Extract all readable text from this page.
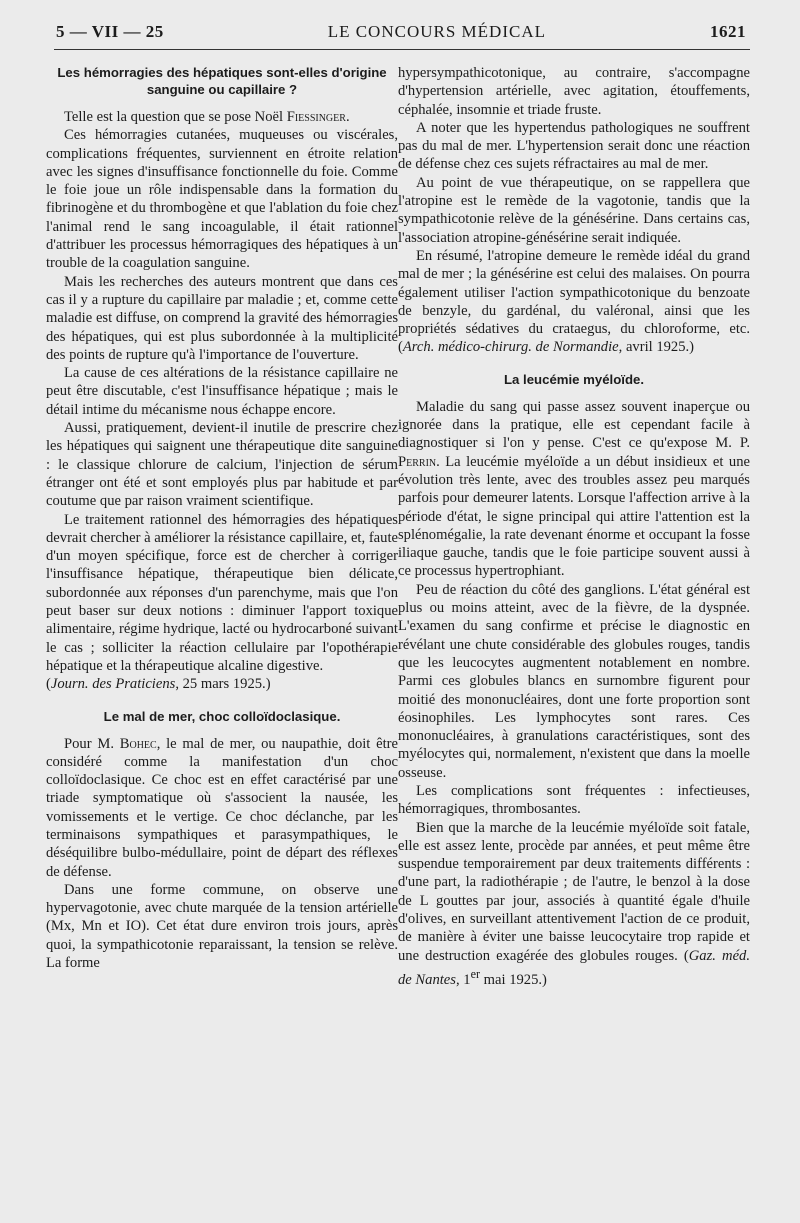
5 — VII — 25	LE CONCOURS MÉDICAL	1621
Les hémorragies des hépatiques sont-elles d'origine sanguine ou capillaire ?

Telle est la question que se pose Noël Fiessinger.

Ces hémorragies cutanées, muqueuses ou viscérales, complications fréquentes, surviennent en étroite relation avec les signes d'insuffisance fonctionnelle du foie. Comme le foie joue un rôle indispensable dans la formation du fibrinogène et du thrombogène et que l'ablation du foie chez l'animal rend le sang incoagulable, il était rationnel d'attribuer les processus hémorragiques des hépatiques à un trouble de la coagulation sanguine.

Mais les recherches des auteurs montrent que dans ces cas il y a rupture du capillaire par maladie ; et, comme cette maladie est diffuse, on comprend la gravité des hémorragies des hépatiques, qui est plus subordonnée à la multiplicité des points de rupture qu'à l'importance de l'ouverture.

La cause de ces altérations de la résistance capillaire ne peut être discutable, c'est l'insuffisance hépatique ; mais le détail intime du mécanisme nous échappe encore.

Aussi, pratiquement, devient-il inutile de prescrire chez les hépatiques qui saignent une thérapeutique dite sanguine : le classique chlorure de calcium, l'injection de sérum étranger ont été et sont employés plus par habitude et par coutume que par raison vraiment scientifique.

Le traitement rationnel des hémorragies des hépatiques devrait chercher à améliorer la résistance capillaire, et, faute d'un moyen spécifique, force est de chercher à corriger l'insuffisance hépatique, thérapeutique bien délicate, subordonnée aux réponses d'un parenchyme, mais que l'on peut baser sur deux notions : diminuer l'apport toxique alimentaire, régime hydrique, lacté ou hydrocarboné suivant le cas ; solliciter la réaction cellulaire par l'opothérapie hépatique et la thérapeutique alcaline digestive.
(Journ. des Praticiens, 25 mars 1925.)

Le mal de mer, choc colloïdoclasique.

Pour M. Bohec, le mal de mer, ou naupathie, doit être considéré comme la manifestation d'un choc colloïdoclasique. Ce choc est en effet caractérisé par une triade symptomatique où s'associent la nausée, les vomissements et le vertige. Ce choc déclanche, par les terminaisons sympathiques et parasympathiques, le déséquilibre bulbo-médullaire, point de départ des réflexes de défense.

Dans une forme commune, on observe une hypervagotonie, avec chute marquée de la tension artérielle (Mx, Mn et IO). Cet état dure environ trois jours, après quoi, la sympathicotonie reparaissant, la tension se relève. La forme

hypersympathicotonique, au contraire, s'accompagne d'hypertension artérielle, avec agitation, étouffements, céphalée, insomnie et triade fruste.

A noter que les hypertendus pathologiques ne souffrent pas du mal de mer. L'hypertension serait donc une réaction de défense chez ces sujets réfractaires au mal de mer.

Au point de vue thérapeutique, on se rappellera que l'atropine est le remède de la vagotonie, tandis que la sympathicotonie relève de la génésérine. Dans certains cas, l'association atropine-génésérine serait indiquée.

En résumé, l'atropine demeure le remède idéal du grand mal de mer ; la génésérine est celui des malaises. On pourra également utiliser l'action sympathicotonique du benzoate de benzyle, du gardénal, du valéronal, ainsi que les propriétés sédatives du crataegus, du chloroforme, etc. (Arch. médico-chirurg. de Normandie, avril 1925.)

La leucémie myéloïde.

Maladie du sang qui passe assez souvent inaperçue ou ignorée dans la pratique, elle est cependant facile à diagnostiquer si l'on y pense. C'est ce qu'expose M. P. Perrin. La leucémie myéloïde a un début insidieux et une évolution très lente, avec des troubles assez peu marqués parfois pour demeurer latents. Lorsque l'affection arrive à la période d'état, le signe principal qui attire l'attention est la splénomégalie, la rate devenant énorme et occupant la fosse iliaque gauche, tandis que le foie participe souvent aussi à ce processus hypertrophiant.

Peu de réaction du côté des ganglions. L'état général est plus ou moins atteint, avec de la fièvre, de la dyspnée. L'examen du sang confirme et précise le diagnostic en révélant une chute considérable des globules rouges, tandis que les leucocytes augmentent notablement en nombre. Parmi ces globules blancs en surnombre figurent pour moitié des mononucléaires, dont une forte proportion sont éosinophiles. Les lymphocytes sont rares. Ces mononucléaires, à granulations caractéristiques, sont des myélocytes qui, normalement, n'existent que dans la moelle osseuse.

Les complications sont fréquentes : infectieuses, hémorragiques, thrombosantes.

Bien que la marche de la leucémie myéloïde soit fatale, elle est assez lente, procède par années, et peut même être suspendue temporairement par deux traitements différents : d'une part, la radiothérapie ; de l'autre, le benzol à la dose de L gouttes par jour, associés à quantité égale d'huile d'olives, en surveillant attentivement l'action de ce produit, de manière à éviter une baisse leucocytaire trop rapide et une destruction exagérée des globules rouges. (Gaz. méd. de Nantes, 1er mai 1925.)
